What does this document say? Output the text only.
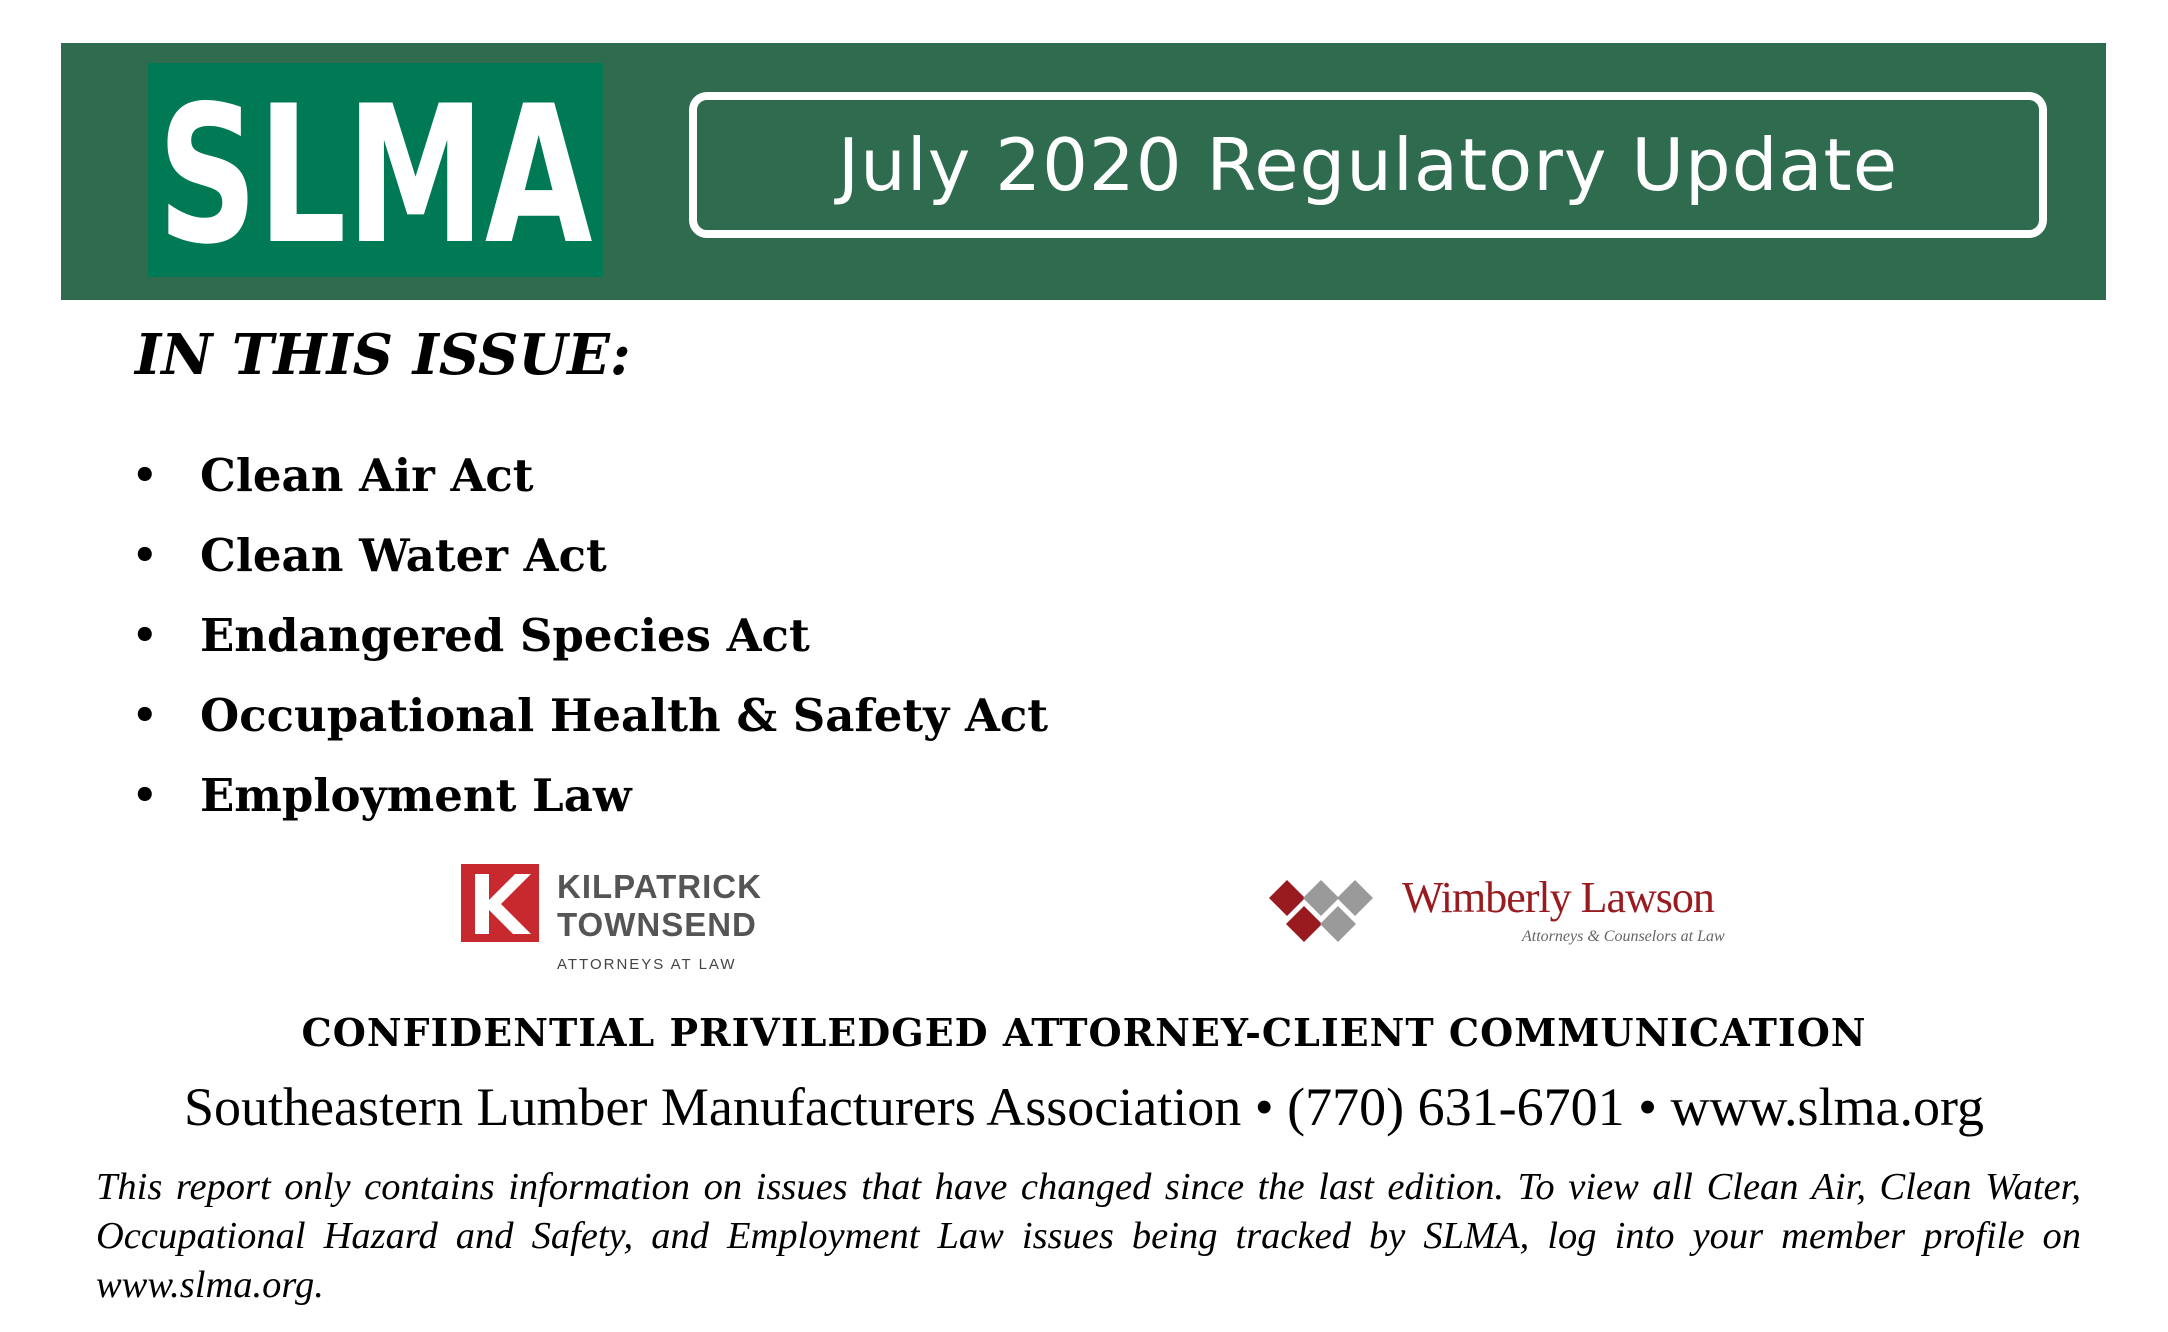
SLMA	July 2020 Regulatory Update
IN THIS ISSUE:
• Clean Air Act
• Clean Water Act
• Endangered Species Act
• Occupational Health & Safety Act
• Employment Law
KILPATRICK
TOWNSEND
ATTORNEYS AT LAW
Wimberly Lawson
Attorneys & Counselors at Law
CONFIDENTIAL PRIVILEDGED ATTORNEY-CLIENT COMMUNICATION
Southeastern Lumber Manufacturers Association • (770) 631-6701 • www.slma.org
This report only contains information on issues that have changed since the last edition. To view all Clean Air, Clean Water, Occupational Hazard and Safety, and Employment Law issues being tracked by SLMA, log into your member profile on www.slma.org.
